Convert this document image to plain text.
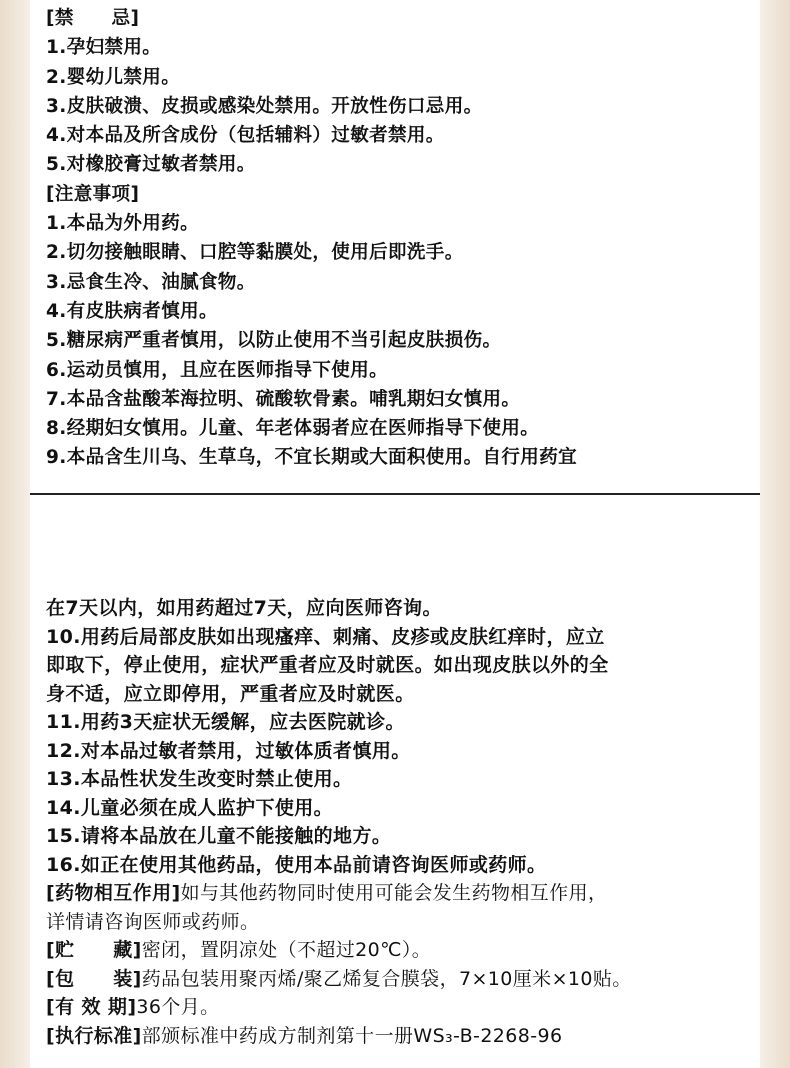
[禁　　忌]
1.孕妇禁用。
2.婴幼儿禁用。
3.皮肤破溃、皮损或感染处禁用。开放性伤口忌用。
4.对本品及所含成份（包括辅料）过敏者禁用。
5.对橡胶膏过敏者禁用。
[注意事项]
1.本品为外用药。
2.切勿接触眼睛、口腔等黏膜处，使用后即洗手。
3.忌食生冷、油腻食物。
4.有皮肤病者慎用。
5.糖尿病严重者慎用，以防止使用不当引起皮肤损伤。
6.运动员慎用，且应在医师指导下使用。
7.本品含盐酸苯海拉明、硫酸软骨素。哺乳期妇女慎用。
8.经期妇女慎用。儿童、年老体弱者应在医师指导下使用。
9.本品含生川乌、生草乌，不宜长期或大面积使用。自行用药宜
在7天以内，如用药超过7天，应向医师咨询。
10.用药后局部皮肤如出现瘙痒、刺痛、皮疹或皮肤红痒时，应立
即取下，停止使用，症状严重者应及时就医。如出现皮肤以外的全
身不适，应立即停用，严重者应及时就医。
11.用药3天症状无缓解，应去医院就诊。
12.对本品过敏者禁用，过敏体质者慎用。
13.本品性状发生改变时禁止使用。
14.儿童必须在成人监护下使用。
15.请将本品放在儿童不能接触的地方。
16.如正在使用其他药品，使用本品前请咨询医师或药师。
[药物相互作用]如与其他药物同时使用可能会发生药物相互作用，
详情请咨询医师或药师。
[贮　　藏]密闭，置阴凉处（不超过20℃）。
[包　　装]药品包装用聚丙烯/聚乙烯复合膜袋，7×10厘米×10贴。
[有 效 期]36个月。
[执行标准]部颁标准中药成方制剂第十一册WS₃-B-2268-96
